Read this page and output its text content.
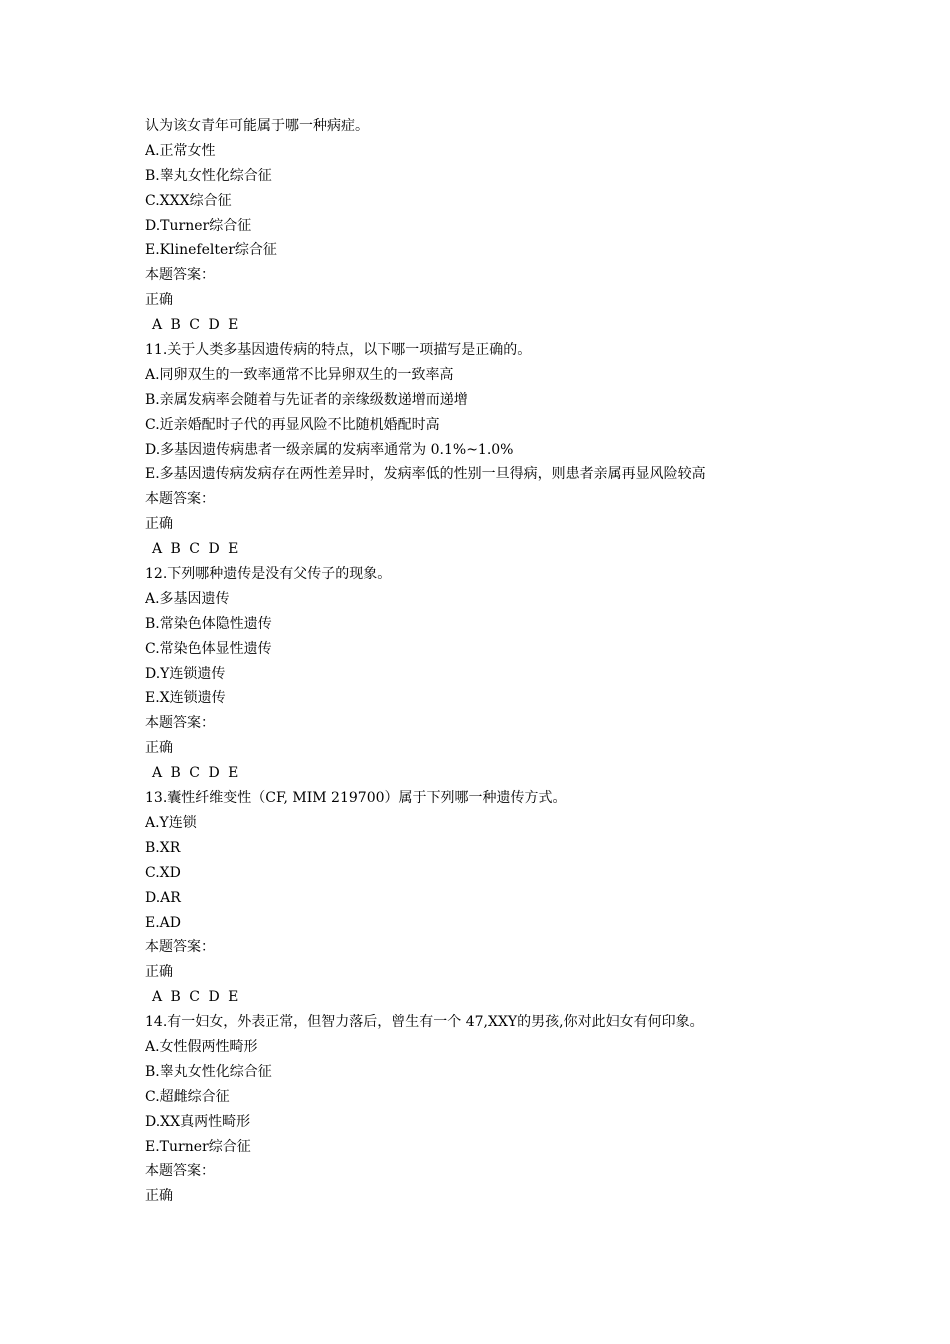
认为该女青年可能属于哪一种病症。
A.正常女性
B.睾丸女性化综合征
C.XXX综合征
D.Turner综合征
E.Klinefelter综合征
本题答案：
正确
A B C D E
11.关于人类多基因遗传病的特点，以下哪一项描写是正确的。
A.同卵双生的一致率通常不比异卵双生的一致率高
B.亲属发病率会随着与先证者的亲缘级数递增而递增
C.近亲婚配时子代的再显风险不比随机婚配时高
D.多基因遗传病患者一级亲属的发病率通常为 0.1%~1.0%
E.多基因遗传病发病存在两性差异时，发病率低的性别一旦得病，则患者亲属再显风险较高
本题答案：
正确
A B C D E
12.下列哪种遗传是没有父传子的现象。
A.多基因遗传
B.常染色体隐性遗传
C.常染色体显性遗传
D.Y连锁遗传
E.X连锁遗传
本题答案：
正确
A B C D E
13.囊性纤维变性（CF, MIM 219700）属于下列哪一种遗传方式。
A.Y连锁
B.XR
C.XD
D.AR
E.AD
本题答案：
正确
A B C D E
14.有一妇女，外表正常，但智力落后，曾生有一个 47,XXY的男孩,你对此妇女有何印象。
A.女性假两性畸形
B.睾丸女性化综合征
C.超雌综合征
D.XX真两性畸形
E.Turner综合征
本题答案：
正确
